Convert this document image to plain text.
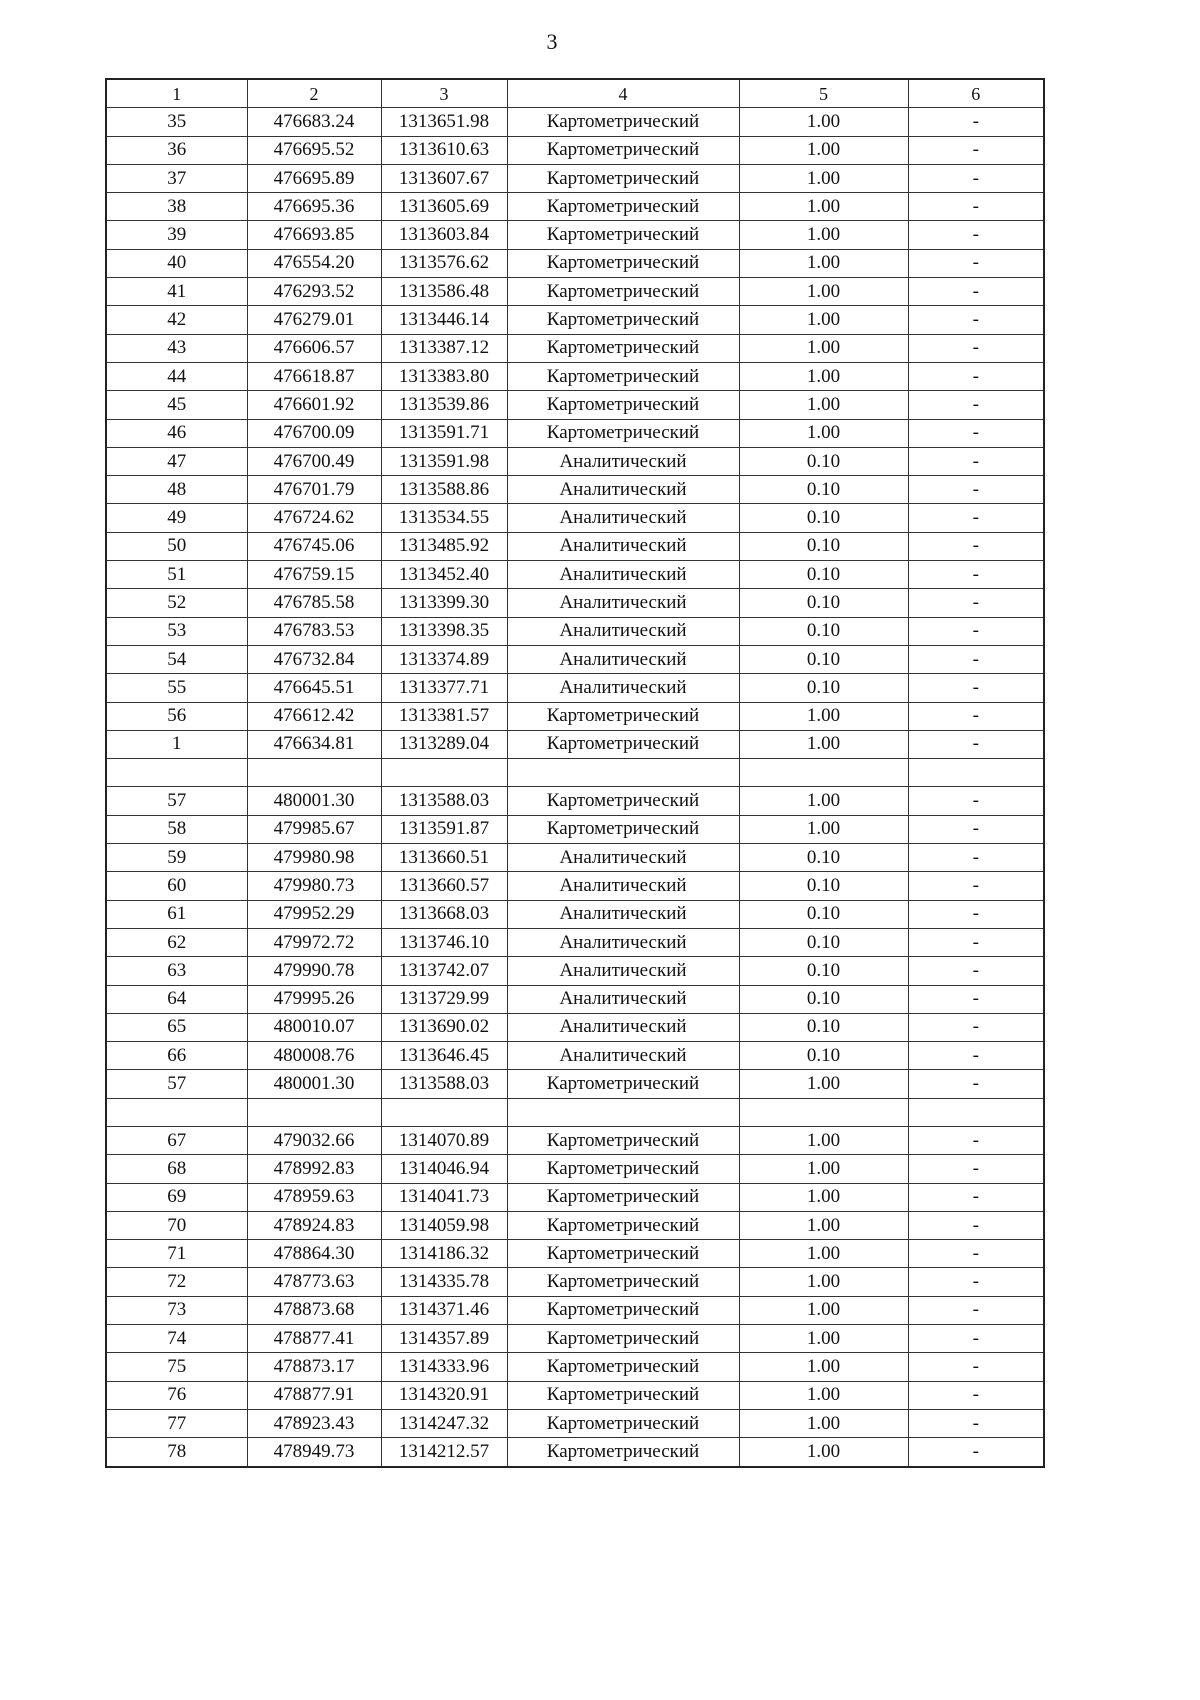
3
1	2	3	4	5	6
35	476683.24	1313651.98	Картометрический	1.00	-
36	476695.52	1313610.63	Картометрический	1.00	-
37	476695.89	1313607.67	Картометрический	1.00	-
38	476695.36	1313605.69	Картометрический	1.00	-
39	476693.85	1313603.84	Картометрический	1.00	-
40	476554.20	1313576.62	Картометрический	1.00	-
41	476293.52	1313586.48	Картометрический	1.00	-
42	476279.01	1313446.14	Картометрический	1.00	-
43	476606.57	1313387.12	Картометрический	1.00	-
44	476618.87	1313383.80	Картометрический	1.00	-
45	476601.92	1313539.86	Картометрический	1.00	-
46	476700.09	1313591.71	Картометрический	1.00	-
47	476700.49	1313591.98	Аналитический	0.10	-
48	476701.79	1313588.86	Аналитический	0.10	-
49	476724.62	1313534.55	Аналитический	0.10	-
50	476745.06	1313485.92	Аналитический	0.10	-
51	476759.15	1313452.40	Аналитический	0.10	-
52	476785.58	1313399.30	Аналитический	0.10	-
53	476783.53	1313398.35	Аналитический	0.10	-
54	476732.84	1313374.89	Аналитический	0.10	-
55	476645.51	1313377.71	Аналитический	0.10	-
56	476612.42	1313381.57	Картометрический	1.00	-
1	476634.81	1313289.04	Картометрический	1.00	-

57	480001.30	1313588.03	Картометрический	1.00	-
58	479985.67	1313591.87	Картометрический	1.00	-
59	479980.98	1313660.51	Аналитический	0.10	-
60	479980.73	1313660.57	Аналитический	0.10	-
61	479952.29	1313668.03	Аналитический	0.10	-
62	479972.72	1313746.10	Аналитический	0.10	-
63	479990.78	1313742.07	Аналитический	0.10	-
64	479995.26	1313729.99	Аналитический	0.10	-
65	480010.07	1313690.02	Аналитический	0.10	-
66	480008.76	1313646.45	Аналитический	0.10	-
57	480001.30	1313588.03	Картометрический	1.00	-

67	479032.66	1314070.89	Картометрический	1.00	-
68	478992.83	1314046.94	Картометрический	1.00	-
69	478959.63	1314041.73	Картометрический	1.00	-
70	478924.83	1314059.98	Картометрический	1.00	-
71	478864.30	1314186.32	Картометрический	1.00	-
72	478773.63	1314335.78	Картометрический	1.00	-
73	478873.68	1314371.46	Картометрический	1.00	-
74	478877.41	1314357.89	Картометрический	1.00	-
75	478873.17	1314333.96	Картометрический	1.00	-
76	478877.91	1314320.91	Картометрический	1.00	-
77	478923.43	1314247.32	Картометрический	1.00	-
78	478949.73	1314212.57	Картометрический	1.00	-
